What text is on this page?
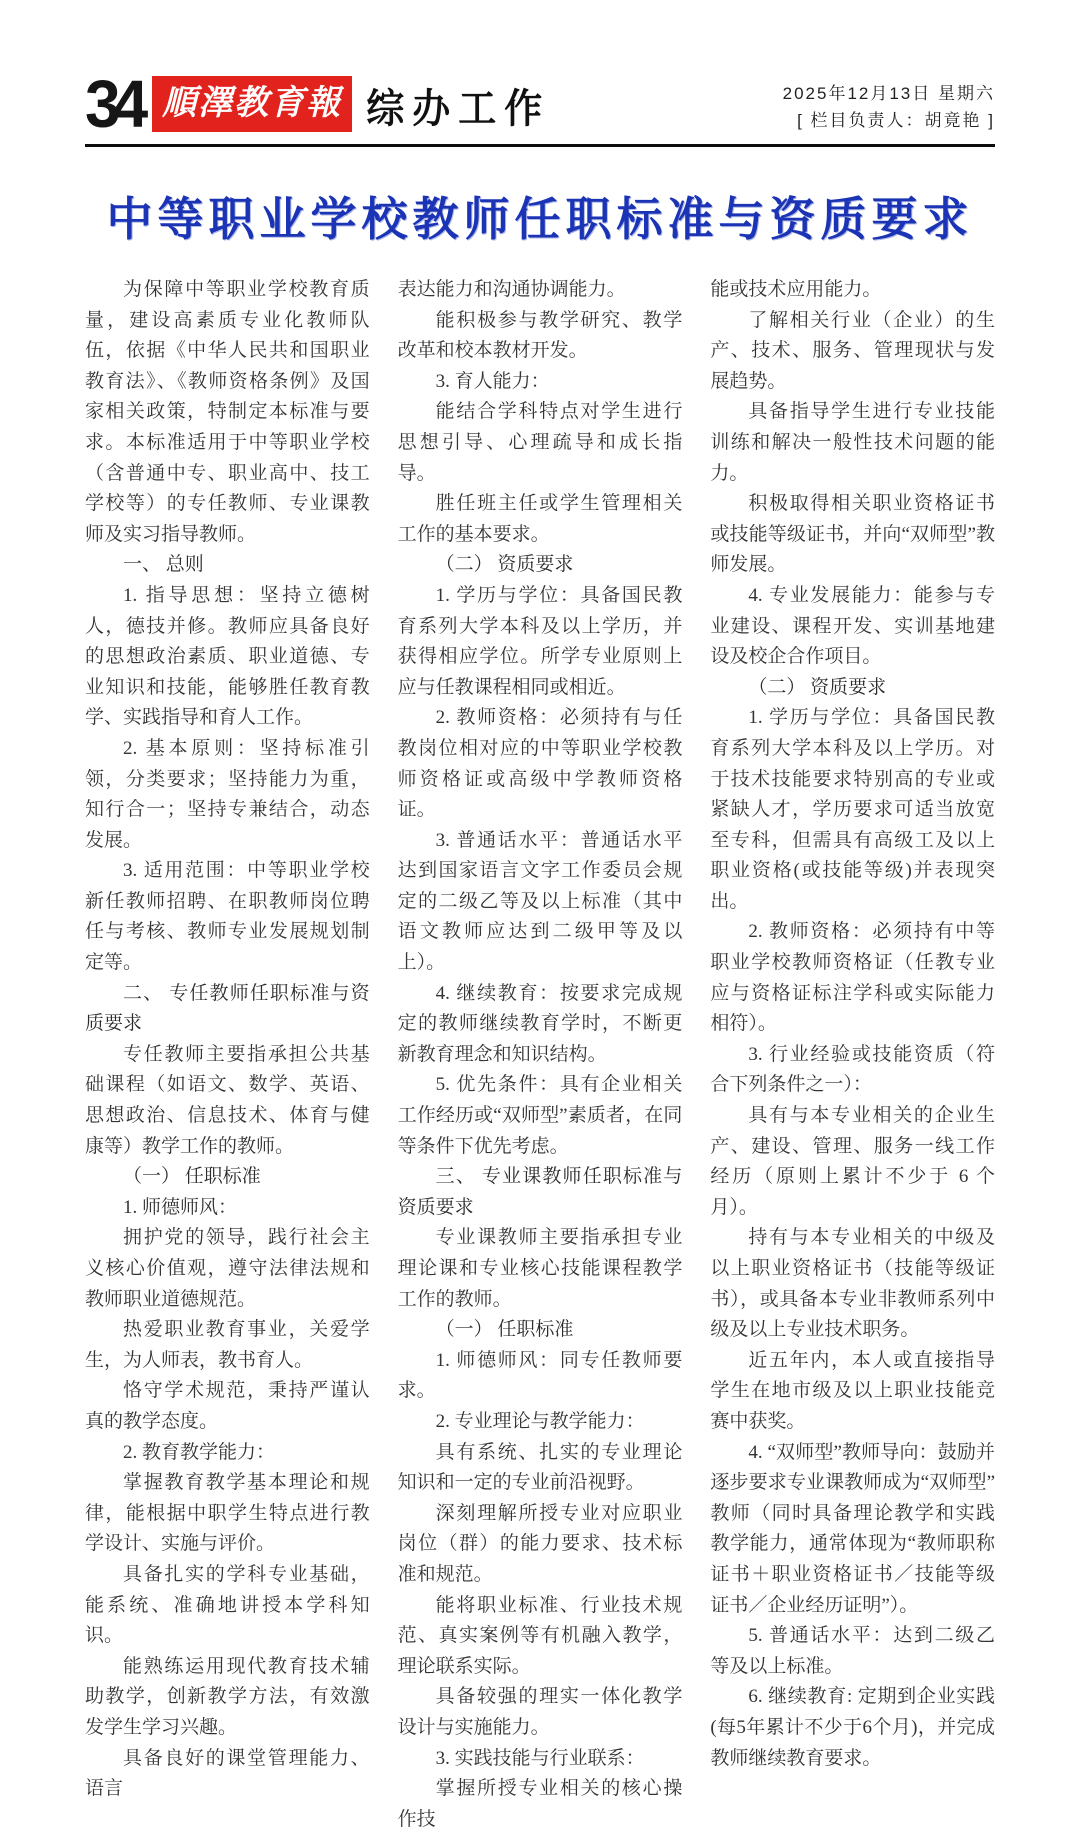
34 順澤教育報 综办工作	2025年12月13日 星期六
[ 栏目负责人：胡竟艳 ]
中等职业学校教师任职标准与资质要求

为保障中等职业学校教育质量，建设高素质专业化教师队伍，依据《中华人民共和国职业教育法》、《教师资格条例》及国家相关政策，特制定本标准与要求。本标准适用于中等职业学校（含普通中专、职业高中、技工学校等）的专任教师、专业课教师及实习指导教师。

一、 总则

1. 指导思想：坚持立德树人，德技并修。教师应具备良好的思想政治素质、职业道德、专业知识和技能，能够胜任教育教学、实践指导和育人工作。

2. 基本原则：坚持标准引领，分类要求；坚持能力为重，知行合一；坚持专兼结合，动态发展。

3. 适用范围：中等职业学校新任教师招聘、在职教师岗位聘任与考核、教师专业发展规划制定等。

二、 专任教师任职标准与资质要求

专任教师主要指承担公共基础课程（如语文、数学、英语、思想政治、信息技术、体育与健康等）教学工作的教师。

（一） 任职标准

1. 师德师风：

拥护党的领导，践行社会主义核心价值观，遵守法律法规和教师职业道德规范。

热爱职业教育事业，关爱学生，为人师表，教书育人。

恪守学术规范，秉持严谨认真的教学态度。

2. 教育教学能力：

掌握教育教学基本理论和规律，能根据中职学生特点进行教学设计、实施与评价。

具备扎实的学科专业基础，能系统、准确地讲授本学科知识。

能熟练运用现代教育技术辅助教学，创新教学方法，有效激发学生学习兴趣。

具备良好的课堂管理能力、语言

表达能力和沟通协调能力。

能积极参与教学研究、教学改革和校本教材开发。

3. 育人能力：

能结合学科特点对学生进行思想引导、心理疏导和成长指导。

胜任班主任或学生管理相关工作的基本要求。

（二） 资质要求

1. 学历与学位：具备国民教育系列大学本科及以上学历，并获得相应学位。所学专业原则上应与任教课程相同或相近。

2. 教师资格：必须持有与任教岗位相对应的中等职业学校教师资格证或高级中学教师资格证。

3. 普通话水平：普通话水平达到国家语言文字工作委员会规定的二级乙等及以上标准（其中语文教师应达到二级甲等及以上）。

4. 继续教育：按要求完成规定的教师继续教育学时，不断更新教育理念和知识结构。

5. 优先条件：具有企业相关工作经历或“双师型”素质者，在同等条件下优先考虑。

三、 专业课教师任职标准与资质要求

专业课教师主要指承担专业理论课和专业核心技能课程教学工作的教师。

（一） 任职标准

1. 师德师风：同专任教师要求。

2. 专业理论与教学能力：

具有系统、扎实的专业理论知识和一定的专业前沿视野。

深刻理解所授专业对应职业岗位（群）的能力要求、技术标准和规范。

能将职业标准、行业技术规范、真实案例等有机融入教学，理论联系实际。

具备较强的理实一体化教学设计与实施能力。

3. 实践技能与行业联系：

掌握所授专业相关的核心操作技

能或技术应用能力。

了解相关行业（企业）的生产、技术、服务、管理现状与发展趋势。

具备指导学生进行专业技能训练和解决一般性技术问题的能力。

积极取得相关职业资格证书或技能等级证书，并向“双师型”教师发展。

4. 专业发展能力：能参与专业建设、课程开发、实训基地建设及校企合作项目。

（二） 资质要求

1. 学历与学位：具备国民教育系列大学本科及以上学历。对于技术技能要求特别高的专业或紧缺人才，学历要求可适当放宽至专科，但需具有高级工及以上职业资格(或技能等级)并表现突出。

2. 教师资格：必须持有中等职业学校教师资格证（任教专业应与资格证标注学科或实际能力相符）。

3. 行业经验或技能资质（符合下列条件之一）：

具有与本专业相关的企业生产、建设、管理、服务一线工作经历（原则上累计不少于 6 个月）。

持有与本专业相关的中级及以上职业资格证书（技能等级证书），或具备本专业非教师系列中级及以上专业技术职务。

近五年内，本人或直接指导学生在地市级及以上职业技能竞赛中获奖。

4. “双师型”教师导向：鼓励并逐步要求专业课教师成为“双师型”教师（同时具备理论教学和实践教学能力，通常体现为“教师职称证书＋职业资格证书／技能等级证书／企业经历证明”）。

5. 普通话水平：达到二级乙等及以上标准。

6. 继续教育: 定期到企业实践(每5年累计不少于6个月)，并完成教师继续教育要求。
